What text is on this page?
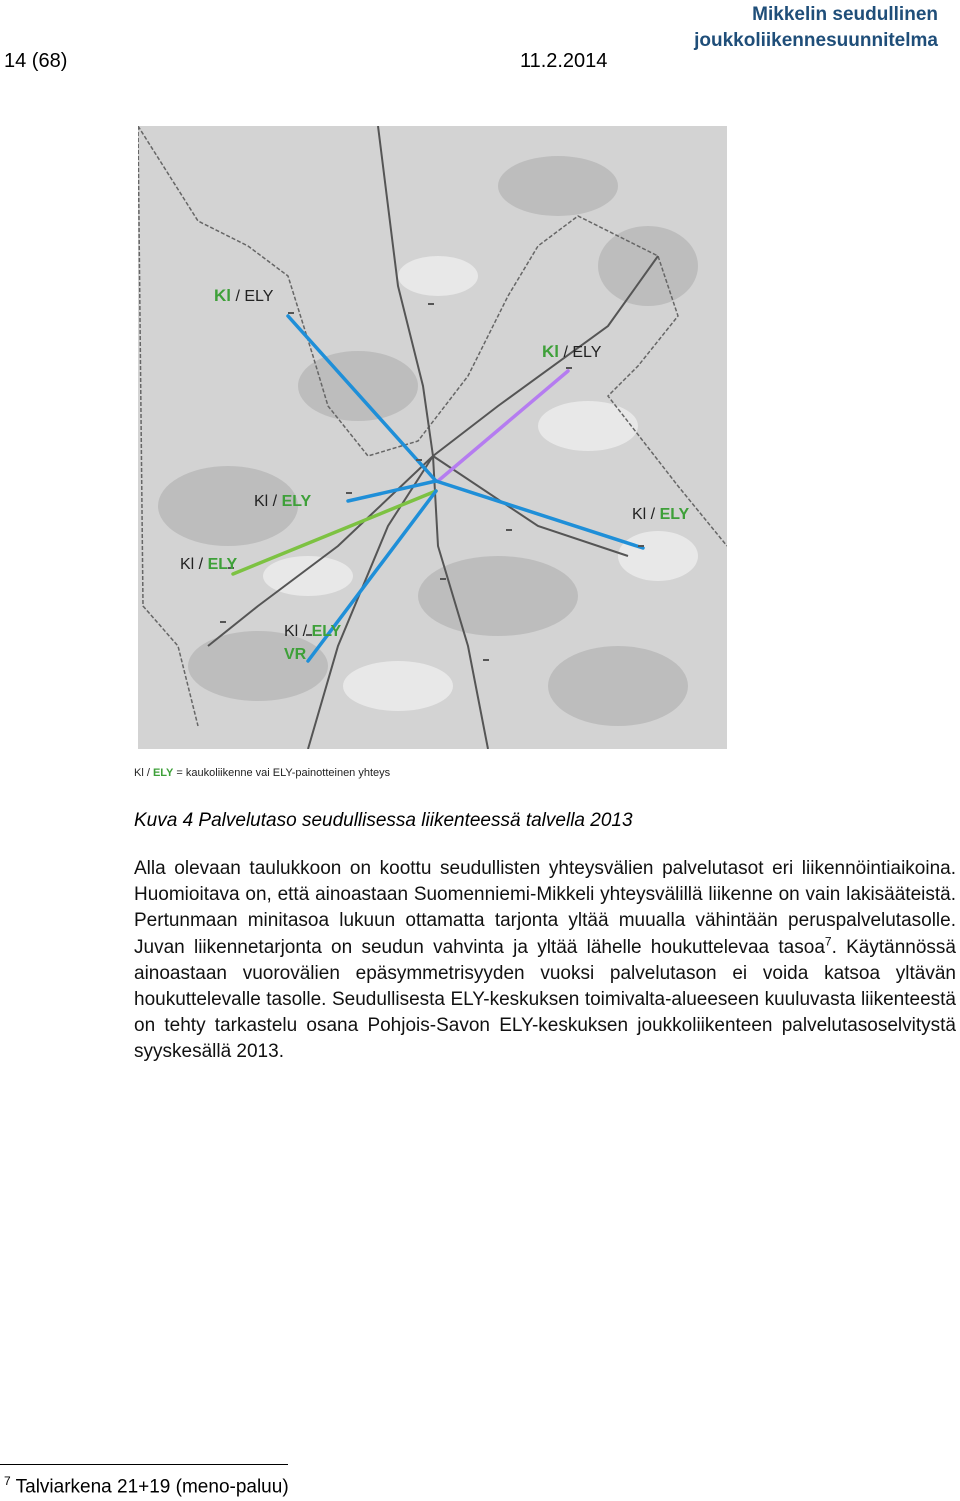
14 (68)	11.2.2014
Mikkelin seudullinen
joukkoliikennesuunnitelma
Kl / ELY
Kl / ELY
Kl / ELY
Kl / ELY
Kl / ELY
Kl / ELY
VR
Kl / ELY = kaukoliikenne vai ELY-painotteinen yhteys
Kuva 4 Palvelutaso seudullisessa liikenteessä talvella 2013
Alla olevaan taulukkoon on koottu seudullisten yhteysvälien palvelutasot eri liikennöintiaikoina. Huomioitava on, että ainoastaan Suomenniemi-Mikkeli yhteysvälillä liikenne on vain lakisääteistä. Pertunmaan minitasoa lukuun ottamatta tarjonta yltää muualla vähintään peruspalvelutasolle. Juvan liikennetarjonta on seudun vahvinta ja yltää lähelle houkuttelevaa tasoa$^7$. Käytännössä ainoastaan vuorovälien epäsymmetrisyyden vuoksi palvelutason ei voida katsoa yltävän houkuttelevalle tasolle. Seudullisesta ELY-keskuksen toimivalta-alueeseen kuuluvasta liikenteestä on tehty tarkastelu osana Pohjois-Savon ELY-keskuksen joukkoliikenteen palvelutasoselvitystä syyskesällä 2013.
$^7$ Talviarkena 21+19 (meno-paluu)
